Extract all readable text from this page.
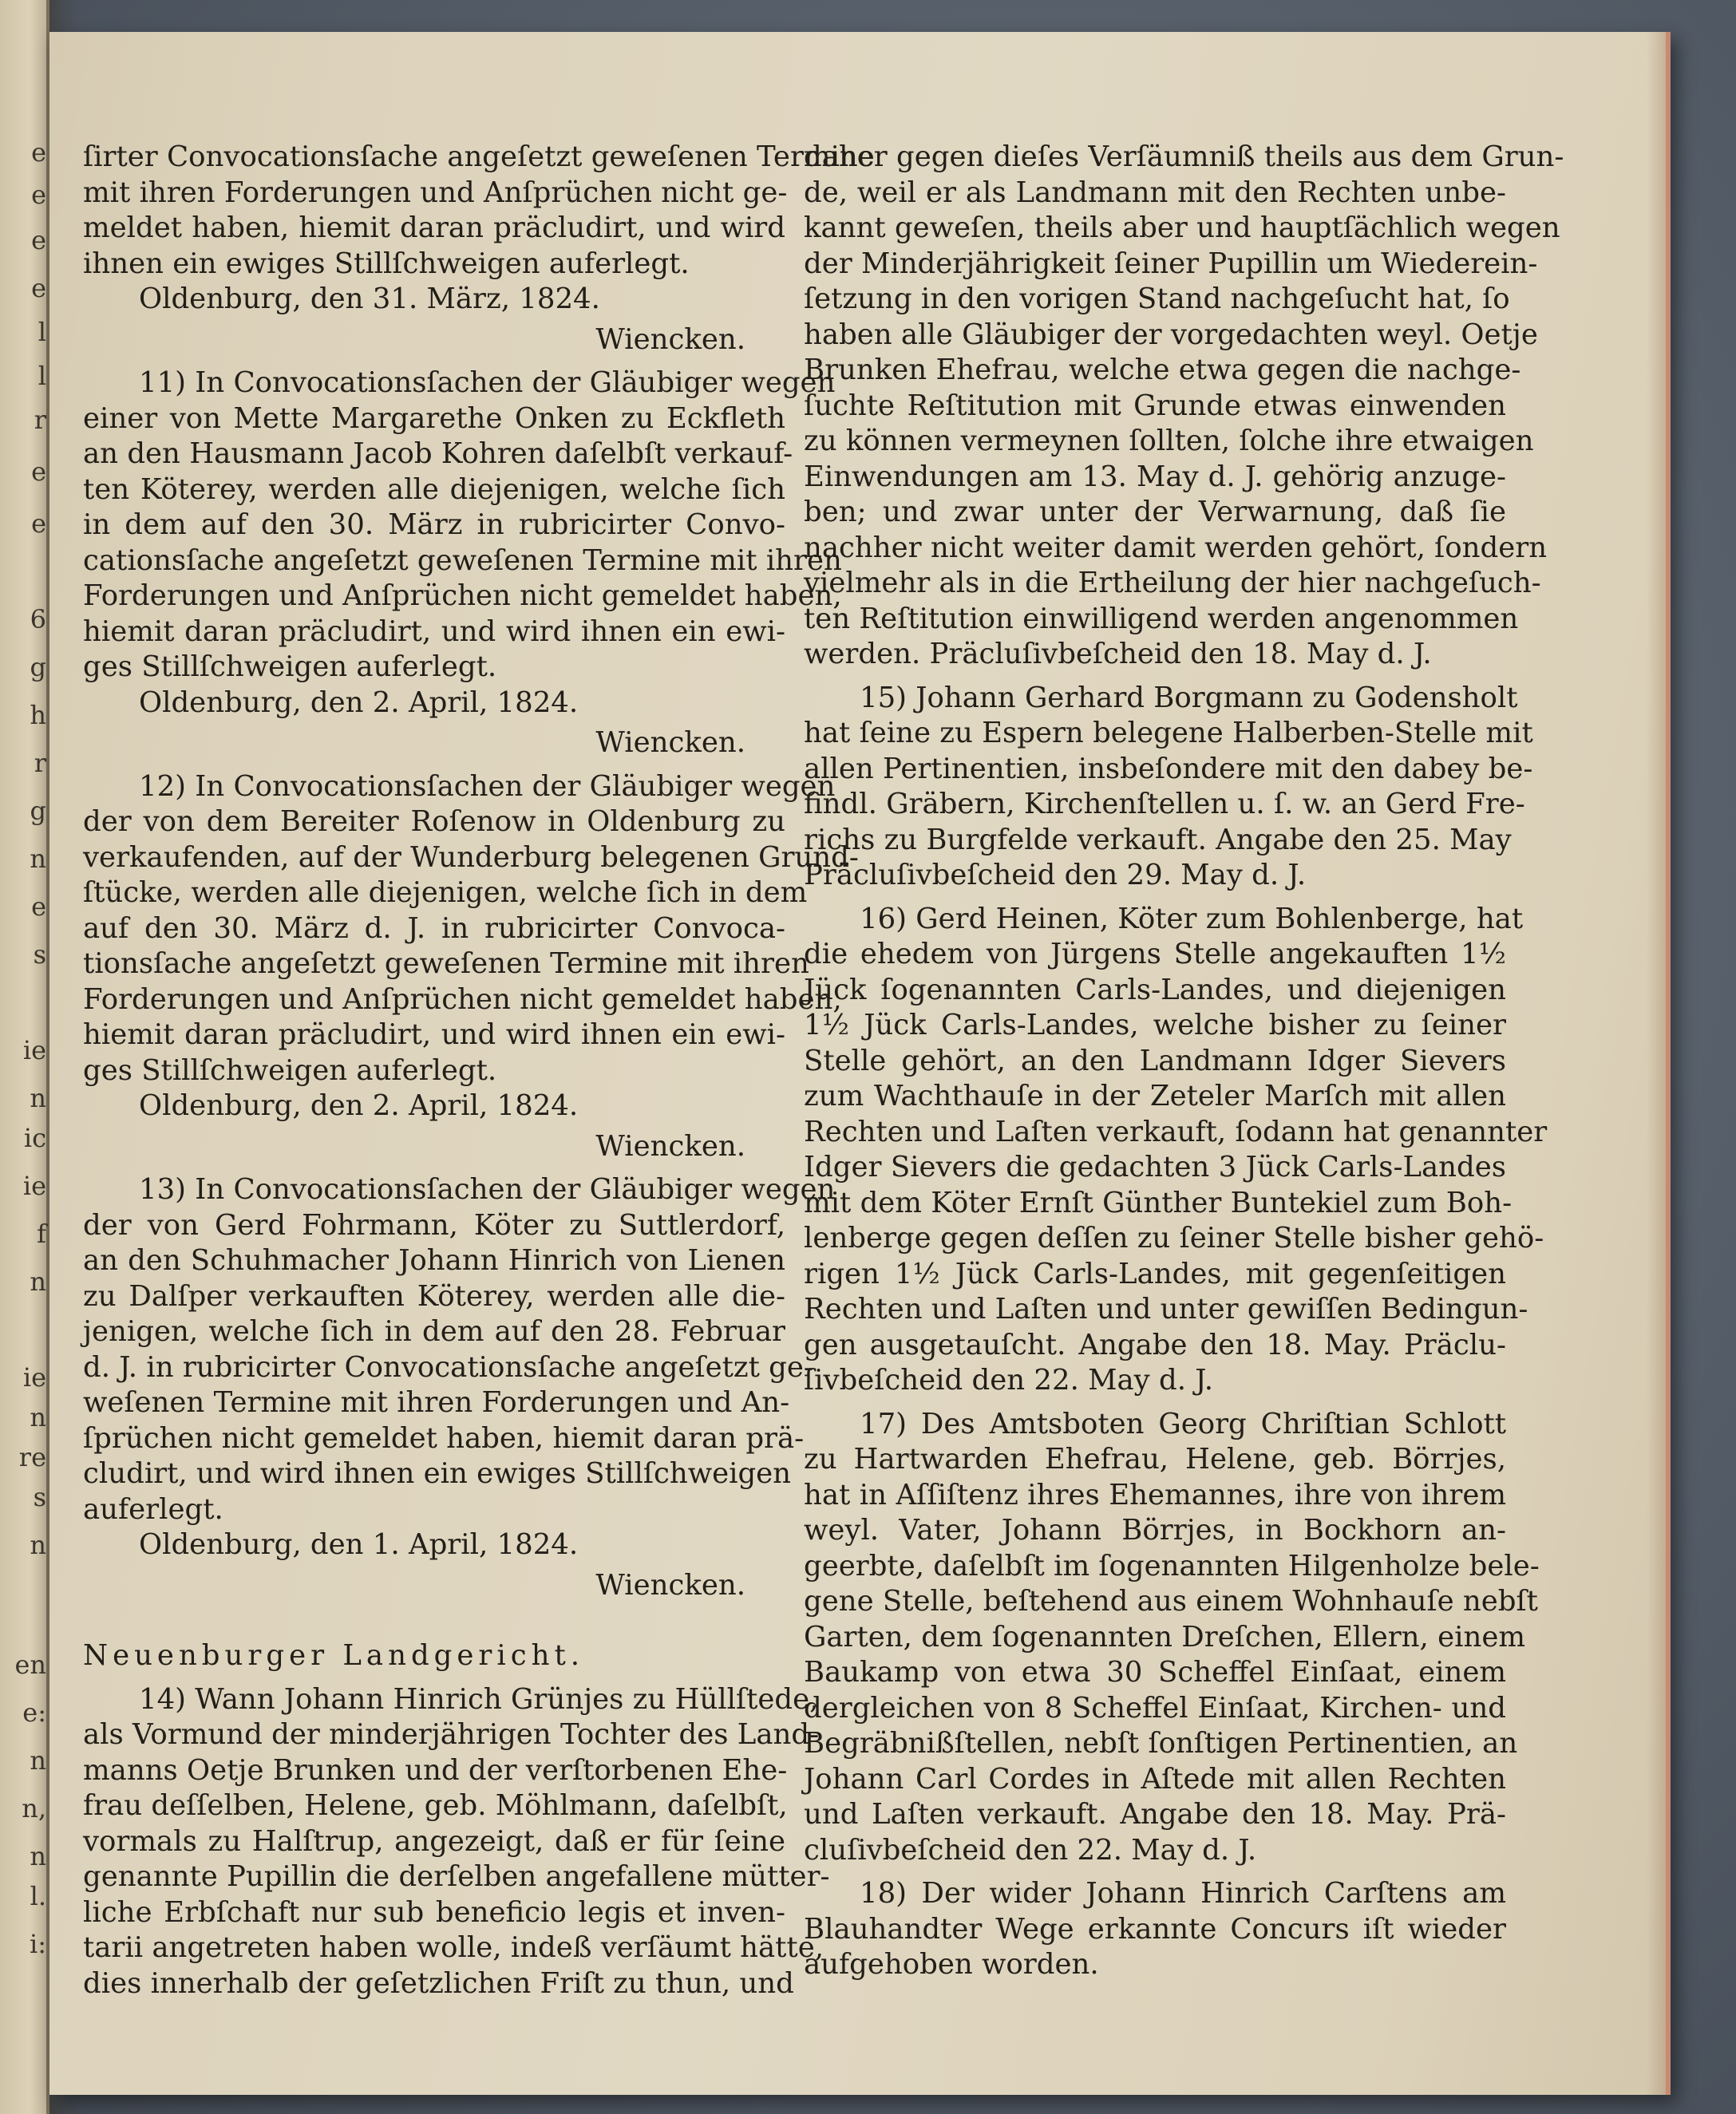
e
e
e
e
l
l
r
e
e
6
g
h
r
g
n
e
s
ie
n
ic
ie
f
n
ie
n
re
s
n
en
e:
n
n,
n
l.
i:
ſirter Convocationsſache angeſetzt geweſenen Termine
mit ihren Forderungen und Anſprüchen nicht ge-
meldet haben, hiemit daran präcludirt, und wird
ihnen ein ewiges Stillſchweigen auferlegt.
Oldenburg, den 31. März, 1824.
Wiencken.
11) In Convocationsſachen der Gläubiger wegen
einer von Mette Margarethe Onken zu Eckfleth
an den Hausmann Jacob Kohren daſelbſt verkauf-
ten Köterey, werden alle diejenigen, welche ſich
in dem auf den 30. März in rubricirter Convo-
cationsſache angeſetzt geweſenen Termine mit ihren
Forderungen und Anſprüchen nicht gemeldet haben,
hiemit daran präcludirt, und wird ihnen ein ewi-
ges Stillſchweigen auferlegt.
Oldenburg, den 2. April, 1824.
Wiencken.
12) In Convocationsſachen der Gläubiger wegen
der von dem Bereiter Roſenow in Oldenburg zu
verkaufenden, auf der Wunderburg belegenen Grund-
ſtücke, werden alle diejenigen, welche ſich in dem
auf den 30. März d. J. in rubricirter Convoca-
tionsſache angeſetzt geweſenen Termine mit ihren
Forderungen und Anſprüchen nicht gemeldet haben,
hiemit daran präcludirt, und wird ihnen ein ewi-
ges Stillſchweigen auferlegt.
Oldenburg, den 2. April, 1824.
Wiencken.
13) In Convocationsſachen der Gläubiger wegen
der von Gerd Fohrmann, Köter zu Suttlerdorf,
an den Schuhmacher Johann Hinrich von Lienen
zu Dalſper verkauften Köterey, werden alle die-
jenigen, welche ſich in dem auf den 28. Februar
d. J. in rubricirter Convocationsſache angeſetzt ge-
weſenen Termine mit ihren Forderungen und An-
ſprüchen nicht gemeldet haben, hiemit daran prä-
cludirt, und wird ihnen ein ewiges Stillſchweigen
auferlegt.
Oldenburg, den 1. April, 1824.
Wiencken.
Neuenburger Landgericht.
14) Wann Johann Hinrich Grünjes zu Hüllſtede,
als Vormund der minderjährigen Tochter des Land-
manns Oetje Brunken und der verſtorbenen Ehe-
frau deſſelben, Helene, geb. Möhlmann, daſelbſt,
vormals zu Halſtrup, angezeigt, daß er für ſeine
genannte Pupillin die derſelben angefallene mütter-
liche Erbſchaft nur sub beneficio legis et inven-
tarii angetreten haben wolle, indeß verſäumt hätte,
dies innerhalb der geſetzlichen Friſt zu thun, und
daher gegen dieſes Verſäumniß theils aus dem Grun-
de, weil er als Landmann mit den Rechten unbe-
kannt geweſen, theils aber und hauptſächlich wegen
der Minderjährigkeit ſeiner Pupillin um Wiederein-
ſetzung in den vorigen Stand nachgeſucht hat, ſo
haben alle Gläubiger der vorgedachten weyl. Oetje
Brunken Ehefrau, welche etwa gegen die nachge-
ſuchte Reſtitution mit Grunde etwas einwenden
zu können vermeynen ſollten, ſolche ihre etwaigen
Einwendungen am 13. May d. J. gehörig anzuge-
ben; und zwar unter der Verwarnung, daß ſie
nachher nicht weiter damit werden gehört, ſondern
vielmehr als in die Ertheilung der hier nachgeſuch-
ten Reſtitution einwilligend werden angenommen
werden. Präcluſivbeſcheid den 18. May d. J.
15) Johann Gerhard Borgmann zu Godensholt
hat ſeine zu Espern belegene Halberben-Stelle mit
allen Pertinentien, insbeſondere mit den dabey be-
findl. Gräbern, Kirchenſtellen u. ſ. w. an Gerd Fre-
richs zu Burgfelde verkauft. Angabe den 25. May
Präcluſivbeſcheid den 29. May d. J.
16) Gerd Heinen, Köter zum Bohlenberge, hat
die ehedem von Jürgens Stelle angekauften 1½
Jück ſogenannten Carls-Landes, und diejenigen
1½ Jück Carls-Landes, welche bisher zu ſeiner
Stelle gehört, an den Landmann Idger Sievers
zum Wachthauſe in der Zeteler Marſch mit allen
Rechten und Laſten verkauft, ſodann hat genannter
Idger Sievers die gedachten 3 Jück Carls-Landes
mit dem Köter Ernſt Günther Buntekiel zum Boh-
lenberge gegen deſſen zu ſeiner Stelle bisher gehö-
rigen 1½ Jück Carls-Landes, mit gegenſeitigen
Rechten und Laſten und unter gewiſſen Bedingun-
gen ausgetauſcht. Angabe den 18. May. Präclu-
ſivbeſcheid den 22. May d. J.
17) Des Amtsboten Georg Chriſtian Schlott
zu Hartwarden Ehefrau, Helene, geb. Börrjes,
hat in Aſſiſtenz ihres Ehemannes, ihre von ihrem
weyl. Vater, Johann Börrjes, in Bockhorn an-
geerbte, daſelbſt im ſogenannten Hilgenholze bele-
gene Stelle, beſtehend aus einem Wohnhauſe nebſt
Garten, dem ſogenannten Dreſchen, Ellern, einem
Baukamp von etwa 30 Scheffel Einſaat, einem
dergleichen von 8 Scheffel Einſaat, Kirchen- und
Begräbnißſtellen, nebſt ſonſtigen Pertinentien, an
Johann Carl Cordes in Aſtede mit allen Rechten
und Laſten verkauft. Angabe den 18. May. Prä-
cluſivbeſcheid den 22. May d. J.
18) Der wider Johann Hinrich Carſtens am
Blauhandter Wege erkannte Concurs iſt wieder
aufgehoben worden.
